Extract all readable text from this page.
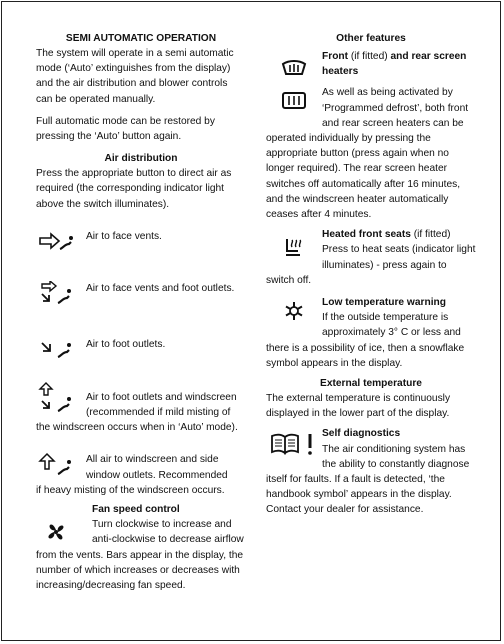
SEMI AUTOMATIC OPERATION

The system will operate in a semi automatic mode (‘Auto’ extinguishes from the display) and the air distribution and blower controls can be operated manually.

Full automatic mode can be restored by pressing the ‘Auto’ button again.

Air distribution

Press the appropriate button to direct air as required (the corresponding indicator light above the switch illuminates).

Air to face vents.
Air to face vents and foot outlets.
Air to foot outlets.
Air to foot outlets and windscreen (recommended if mild misting of

the windscreen occurs when in ‘Auto’ mode).

All air to windscreen and side window outlets. Recommended

if heavy misting of the windscreen occurs.

Fan speed control
Turn clockwise to increase and anti-clockwise to decrease airflow

from the vents. Bars appear in the display, the number of which increases or decreases with increasing/decreasing fan speed.

Other features
Front (if fitted) and rear screen heaters
As well as being activated by ‘Programmed defrost’, both front and rear screen heaters can be

operated individually by pressing the appropriate button (press again when no longer required). The rear screen heater switches off automatically after 16 minutes, and the windscreen heater automatically ceases after 4 minutes.

Heated front seats (if fitted)
Press to heat seats (indicator light illuminates) - press again to

switch off.

Low temperature warning
If the outside temperature is approximately 3° C or less and

there is a possibility of ice, then a snowflake symbol appears in the display.

External temperature

The external temperature is continuously displayed in the lower part of the display.

Self diagnostics
The air conditioning system has the ability to constantly diagnose

itself for faults. If a fault is detected, ‘the handbook symbol’ appears in the display. Contact your dealer for assistance.
